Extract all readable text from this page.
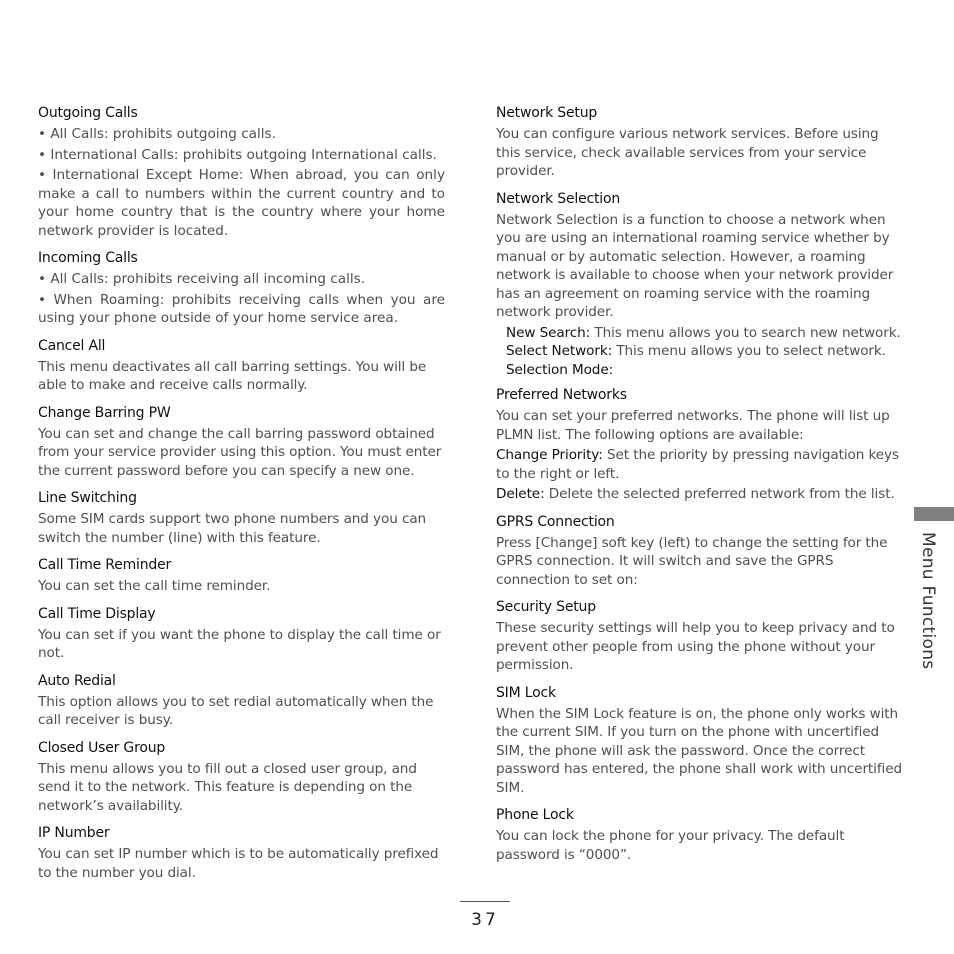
Outgoing Calls
• All Calls: prohibits outgoing calls.
• International Calls: prohibits outgoing International calls.
• International Except Home: When abroad, you can only make a call to numbers within the current country and to your home country that is the country where your home network provider is located.
Incoming Calls
• All Calls: prohibits receiving all incoming calls.
• When Roaming: prohibits receiving calls when you are using your phone outside of your home service area.
Cancel All
This menu deactivates all call barring settings. You will be able to make and receive calls normally.
Change Barring PW
You can set and change the call barring password obtained from your service provider using this option. You must enter the current password before you can specify a new one.
Line Switching
Some SIM cards support two phone numbers and you can switch the number (line) with this feature.
Call Time Reminder
You can set the call time reminder.
Call Time Display
You can set if you want the phone to display the call time or not.
Auto Redial
This option allows you to set redial automatically when the call receiver is busy.
Closed User Group
This menu allows you to fill out a closed user group, and send it to the network. This feature is depending on the network’s availability.
IP Number
You can set IP number which is to be automatically prefixed to the number you dial.
Network Setup
You can configure various network services. Before using this service, check available services from your service provider.
Network Selection
Network Selection is a function to choose a network when you are using an international roaming service whether by manual or by automatic selection. However, a roaming network is available to choose when your network provider has an agreement on roaming service with the roaming network provider.
New Search: This menu allows you to search new network.
Select Network: This menu allows you to select network.
Selection Mode:
Preferred Networks
You can set your preferred networks. The phone will list up PLMN list. The following options are available:
Change Priority: Set the priority by pressing navigation keys to the right or left.
Delete: Delete the selected preferred network from the list.
GPRS Connection
Press [Change] soft key (left) to change the setting for the GPRS connection. It will switch and save the GPRS connection to set on:
Security Setup
These security settings will help you to keep privacy and to prevent other people from using the phone without your permission.
SIM Lock
When the SIM Lock feature is on, the phone only works with the current SIM. If you turn on the phone with uncertified SIM, the phone will ask the password. Once the correct password has entered, the phone shall work with uncertified SIM.
Phone Lock
You can lock the phone for your privacy. The default password is “0000”.
Menu Functions
37
